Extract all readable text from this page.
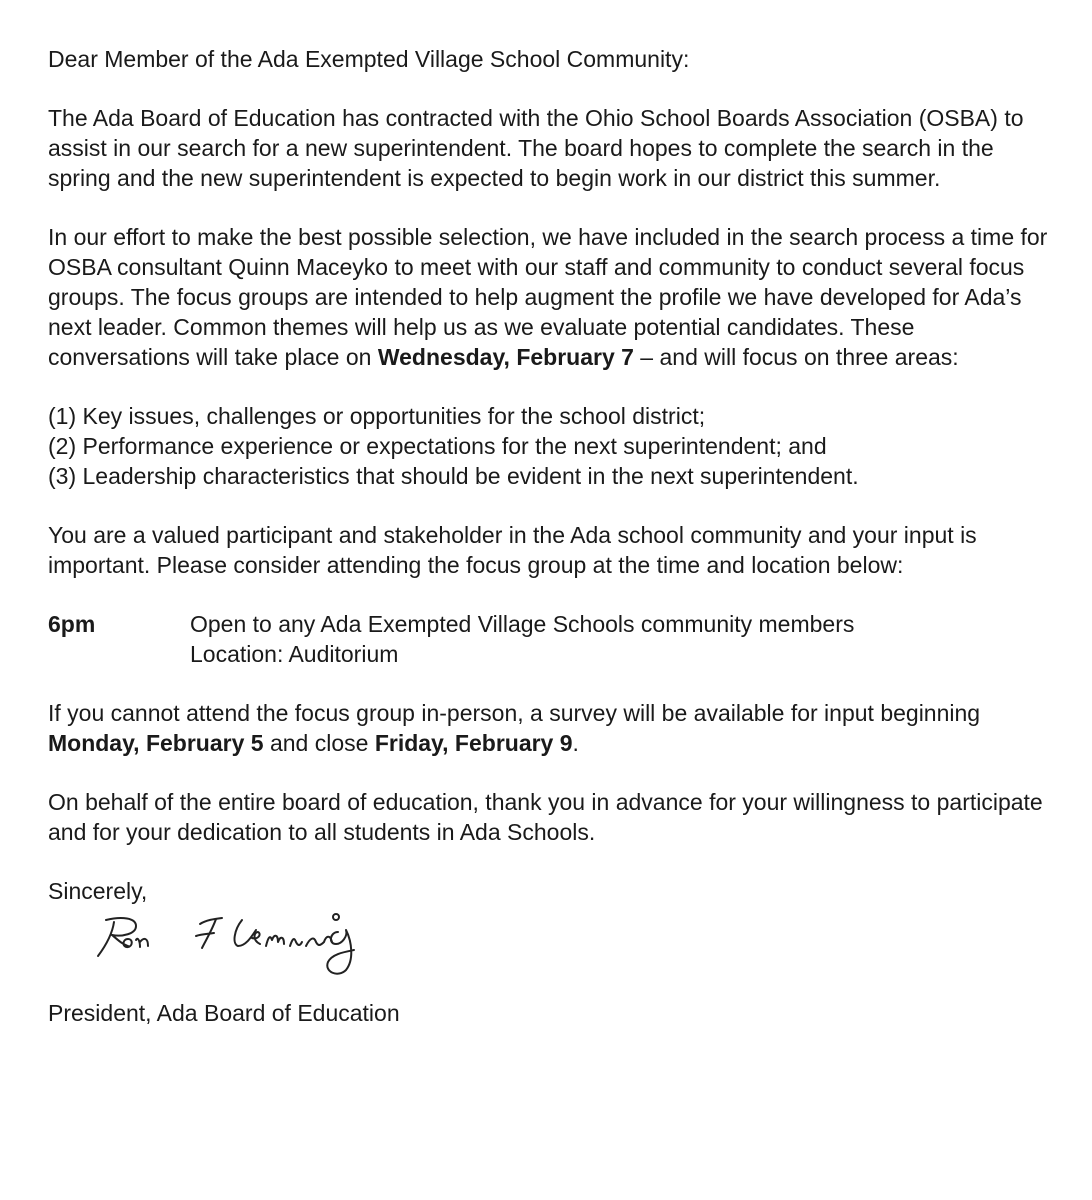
Dear Member of the Ada Exempted Village School Community:

The Ada Board of Education has contracted with the Ohio School Boards Association (OSBA) to assist in our search for a new superintendent. The board hopes to complete the search in the spring and the new superintendent is expected to begin work in our district this summer.

In our effort to make the best possible selection, we have included in the search process a time for OSBA consultant Quinn Maceyko to meet with our staff and community to conduct several focus groups. The focus groups are intended to help augment the profile we have developed for Ada’s next leader. Common themes will help us as we evaluate potential candidates. These conversations will take place on Wednesday, February 7 – and will focus on three areas:

(1) Key issues, challenges or opportunities for the school district;
(2) Performance experience or expectations for the next superintendent; and
(3) Leadership characteristics that should be evident in the next superintendent.

You are a valued participant and stakeholder in the Ada school community and your input is important. Please consider attending the focus group at the time and location below:

6pm	Open to any Ada Exempted Village Schools community members
Location: Auditorium

If you cannot attend the focus group in-person, a survey will be available for input beginning Monday, February 5 and close Friday, February 9.

On behalf of the entire board of education, thank you in advance for your willingness to participate and for your dedication to all students in Ada Schools.

Sincerely,

President, Ada Board of Education
